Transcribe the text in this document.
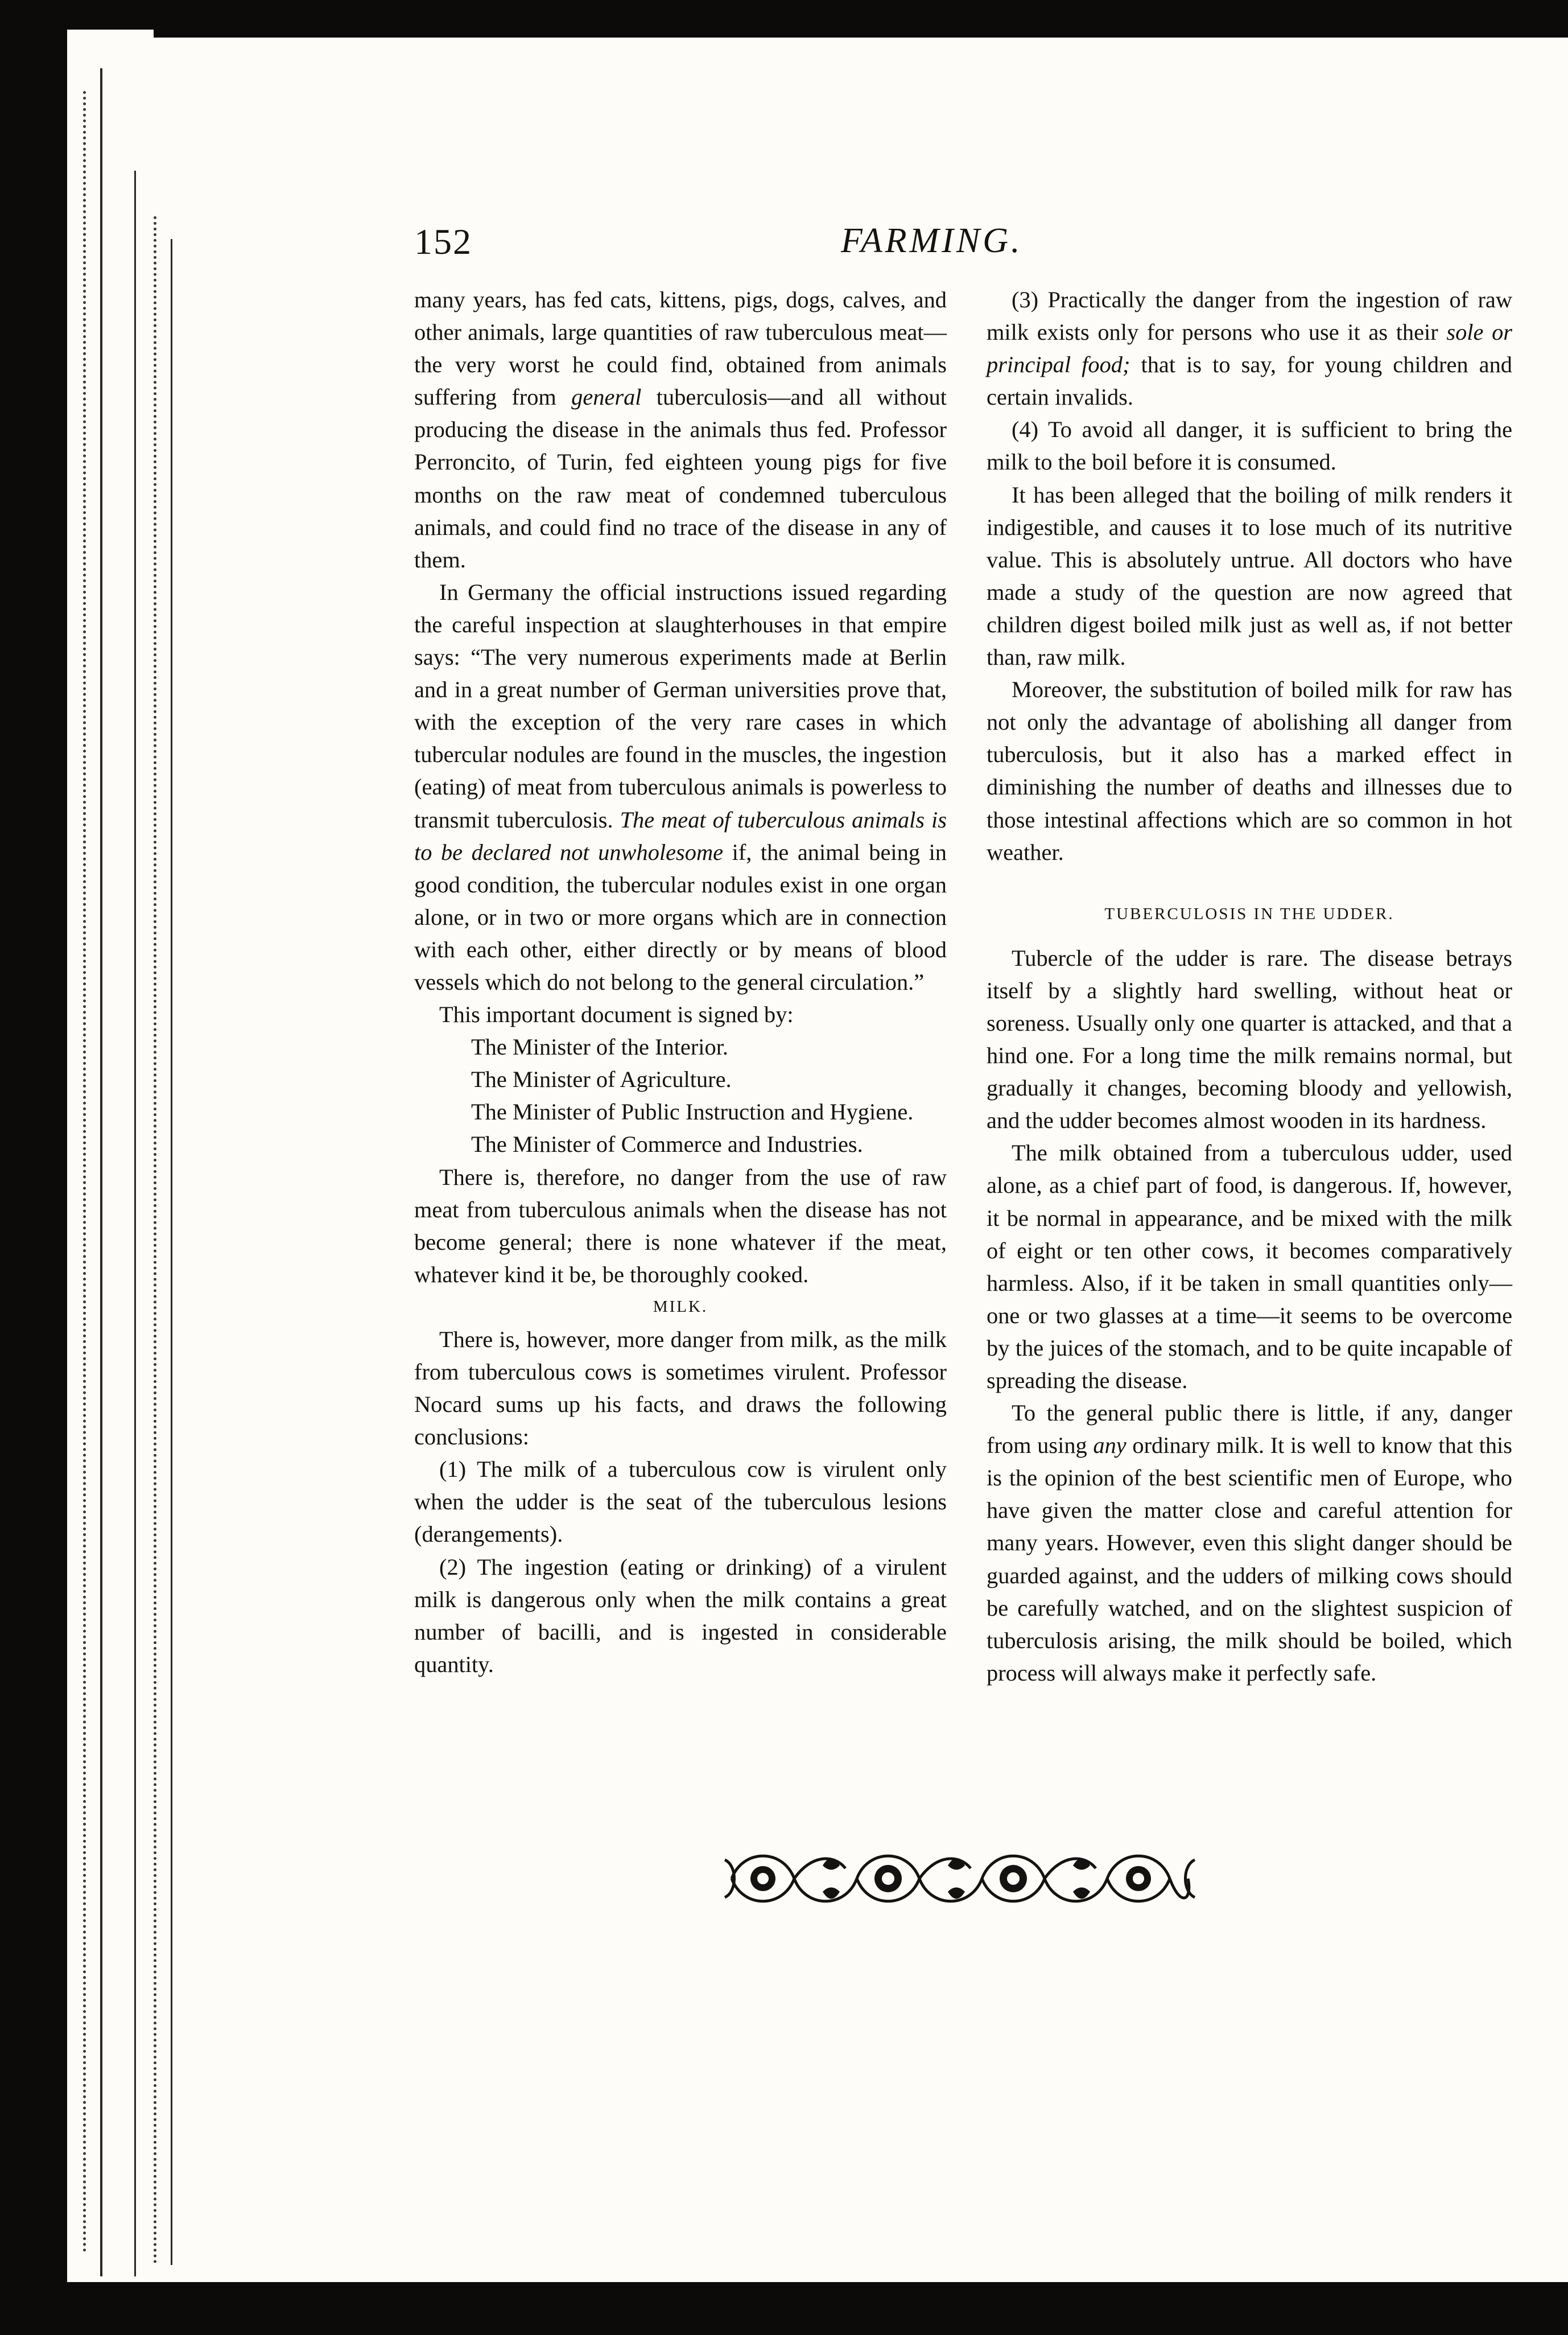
152	FARMING.

many years, has fed cats, kittens, pigs, dogs, calves, and other animals, large quantities of raw tuberculous meat—the very worst he could find, obtained from animals suffering from general tuberculosis—and all without producing the disease in the animals thus fed. Professor Perroncito, of Turin, fed eighteen young pigs for five months on the raw meat of condemned tuberculous animals, and could find no trace of the disease in any of them.

In Germany the official instructions issued regarding the careful inspection at slaughterhouses in that empire says: “The very numerous experiments made at Berlin and in a great number of German universities prove that, with the exception of the very rare cases in which tubercular nodules are found in the muscles, the ingestion (eating) of meat from tuberculous animals is powerless to transmit tuberculosis. The meat of tuberculous animals is to be declared not unwholesome if, the animal being in good condition, the tubercular nodules exist in one organ alone, or in two or more organs which are in connection with each other, either directly or by means of blood vessels which do not belong to the general circulation.”

This important document is signed by:

The Minister of the Interior.

The Minister of Agriculture.

The Minister of Public Instruction and Hygiene.

The Minister of Commerce and Industries.

There is, therefore, no danger from the use of raw meat from tuberculous animals when the disease has not become general; there is none whatever if the meat, whatever kind it be, be thoroughly cooked.

MILK.

There is, however, more danger from milk, as the milk from tuberculous cows is sometimes virulent. Professor Nocard sums up his facts, and draws the following conclusions:

(1) The milk of a tuberculous cow is virulent only when the udder is the seat of the tuberculous lesions (derangements).

(2) The ingestion (eating or drinking) of a virulent milk is dangerous only when the milk contains a great number of bacilli, and is ingested in considerable quantity.

(3) Practically the danger from the ingestion of raw milk exists only for persons who use it as their sole or principal food; that is to say, for young children and certain invalids.

(4) To avoid all danger, it is sufficient to bring the milk to the boil before it is consumed.

It has been alleged that the boiling of milk renders it indigestible, and causes it to lose much of its nutritive value. This is absolutely untrue. All doctors who have made a study of the question are now agreed that children digest boiled milk just as well as, if not better than, raw milk.

Moreover, the substitution of boiled milk for raw has not only the advantage of abolishing all danger from tuberculosis, but it also has a marked effect in diminishing the number of deaths and illnesses due to those intestinal affections which are so common in hot weather.

TUBERCULOSIS IN THE UDDER.

Tubercle of the udder is rare. The disease betrays itself by a slightly hard swelling, without heat or soreness. Usually only one quarter is attacked, and that a hind one. For a long time the milk remains normal, but gradually it changes, becoming bloody and yellowish, and the udder becomes almost wooden in its hardness.

The milk obtained from a tuberculous udder, used alone, as a chief part of food, is dangerous. If, however, it be normal in appearance, and be mixed with the milk of eight or ten other cows, it becomes comparatively harmless. Also, if it be taken in small quantities only—one or two glasses at a time—it seems to be overcome by the juices of the stomach, and to be quite incapable of spreading the disease.

To the general public there is little, if any, danger from using any ordinary milk. It is well to know that this is the opinion of the best scientific men of Europe, who have given the matter close and careful attention for many years. However, even this slight danger should be guarded against, and the udders of milking cows should be carefully watched, and on the slightest suspicion of tuberculosis arising, the milk should be boiled, which process will always make it perfectly safe.
